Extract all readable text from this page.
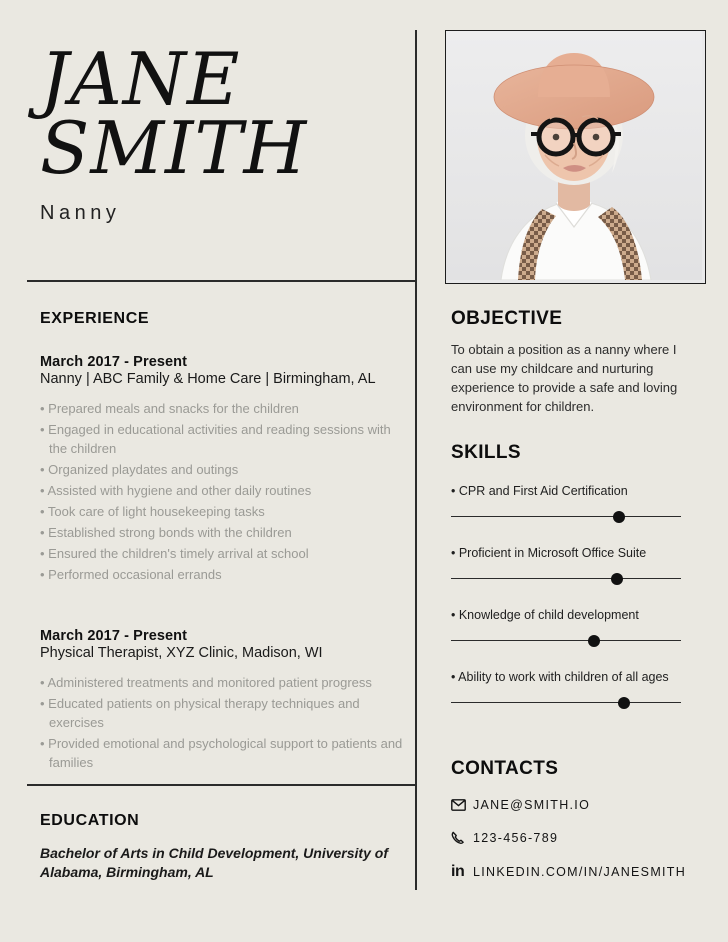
JANE
SMITH
Nanny
EXPERIENCE
March 2017 - Present
Nanny | ABC Family & Home Care | Birmingham, AL
• Prepared meals and snacks for the children
• Engaged in educational activities and reading sessions with the children
• Organized playdates and outings
• Assisted with hygiene and other daily routines
• Took care of light housekeeping tasks
• Established strong bonds with the children
• Ensured the children's timely arrival at school
• Performed occasional errands
March 2017 - Present
Physical Therapist, XYZ Clinic, Madison, WI
• Administered treatments and monitored patient progress
• Educated patients on physical therapy techniques and exercises
• Provided emotional and psychological support to patients and families
EDUCATION
Bachelor of Arts in Child Development, University of Alabama, Birmingham, AL
OBJECTIVE
To obtain a position as a nanny where I can use my childcare and nurturing experience to provide a safe and loving environment for children.
SKILLS
• CPR and First Aid Certification
• Proficient in Microsoft Office Suite
• Knowledge of child development
• Ability to work with children of all ages
CONTACTS
JANE@SMITH.IO
123-456-789
in LINKEDIN.COM/IN/JANESMITH
